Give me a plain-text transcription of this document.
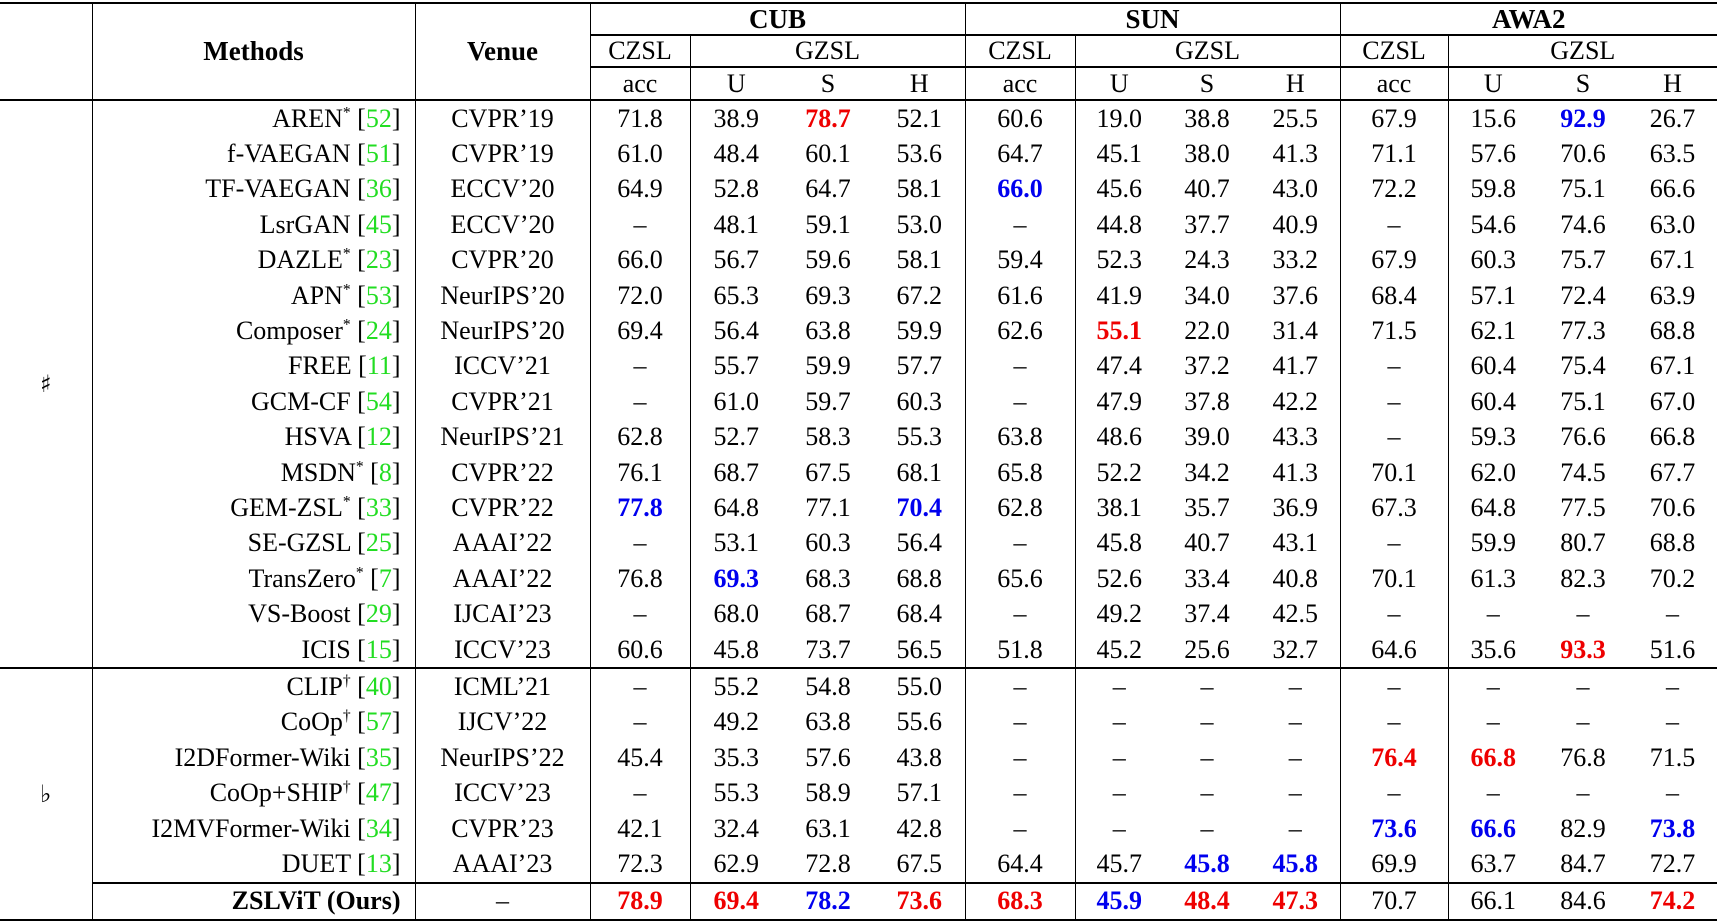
	Methods	Venue	CUB				SUN				AWA2			
			CZSL	GZSL			CZSL	GZSL			CZSL	GZSL		
			acc	U	S	H	acc	U	S	H	acc	U	S	H
♯	AREN* [52]	CVPR’19	71.8	38.9	78.7	52.1	60.6	19.0	38.8	25.5	67.9	15.6	92.9	26.7
	f-VAEGAN [51]	CVPR’19	61.0	48.4	60.1	53.6	64.7	45.1	38.0	41.3	71.1	57.6	70.6	63.5
	TF-VAEGAN [36]	ECCV’20	64.9	52.8	64.7	58.1	66.0	45.6	40.7	43.0	72.2	59.8	75.1	66.6
	LsrGAN [45]	ECCV’20	–	48.1	59.1	53.0	–	44.8	37.7	40.9	–	54.6	74.6	63.0
	DAZLE* [23]	CVPR’20	66.0	56.7	59.6	58.1	59.4	52.3	24.3	33.2	67.9	60.3	75.7	67.1
	APN* [53]	NeurIPS’20	72.0	65.3	69.3	67.2	61.6	41.9	34.0	37.6	68.4	57.1	72.4	63.9
	Composer* [24]	NeurIPS’20	69.4	56.4	63.8	59.9	62.6	55.1	22.0	31.4	71.5	62.1	77.3	68.8
	FREE [11]	ICCV’21	–	55.7	59.9	57.7	–	47.4	37.2	41.7	–	60.4	75.4	67.1
	GCM-CF [54]	CVPR’21	–	61.0	59.7	60.3	–	47.9	37.8	42.2	–	60.4	75.1	67.0
	HSVA [12]	NeurIPS’21	62.8	52.7	58.3	55.3	63.8	48.6	39.0	43.3	–	59.3	76.6	66.8
	MSDN* [8]	CVPR’22	76.1	68.7	67.5	68.1	65.8	52.2	34.2	41.3	70.1	62.0	74.5	67.7
	GEM-ZSL* [33]	CVPR’22	77.8	64.8	77.1	70.4	62.8	38.1	35.7	36.9	67.3	64.8	77.5	70.6
	SE-GZSL [25]	AAAI’22	–	53.1	60.3	56.4	–	45.8	40.7	43.1	–	59.9	80.7	68.8
	TransZero* [7]	AAAI’22	76.8	69.3	68.3	68.8	65.6	52.6	33.4	40.8	70.1	61.3	82.3	70.2
	VS-Boost [29]	IJCAI’23	–	68.0	68.7	68.4	–	49.2	37.4	42.5	–	–	–	–
	ICIS [15]	ICCV’23	60.6	45.8	73.7	56.5	51.8	45.2	25.6	32.7	64.6	35.6	93.3	51.6
♭	CLIP† [40]	ICML’21	–	55.2	54.8	55.0	–	–	–	–	–	–	–	–
	CoOp† [57]	IJCV’22	–	49.2	63.8	55.6	–	–	–	–	–	–	–	–
	I2DFormer-Wiki [35]	NeurIPS’22	45.4	35.3	57.6	43.8	–	–	–	–	76.4	66.8	76.8	71.5
	CoOp+SHIP† [47]	ICCV’23	–	55.3	58.9	57.1	–	–	–	–	–	–	–	–
	I2MVFormer-Wiki [34]	CVPR’23	42.1	32.4	63.1	42.8	–	–	–	–	73.6	66.6	82.9	73.8
	DUET [13]	AAAI’23	72.3	62.9	72.8	67.5	64.4	45.7	45.8	45.8	69.9	63.7	84.7	72.7
	ZSLViT (Ours)	–	78.9	69.4	78.2	73.6	68.3	45.9	48.4	47.3	70.7	66.1	84.6	74.2
